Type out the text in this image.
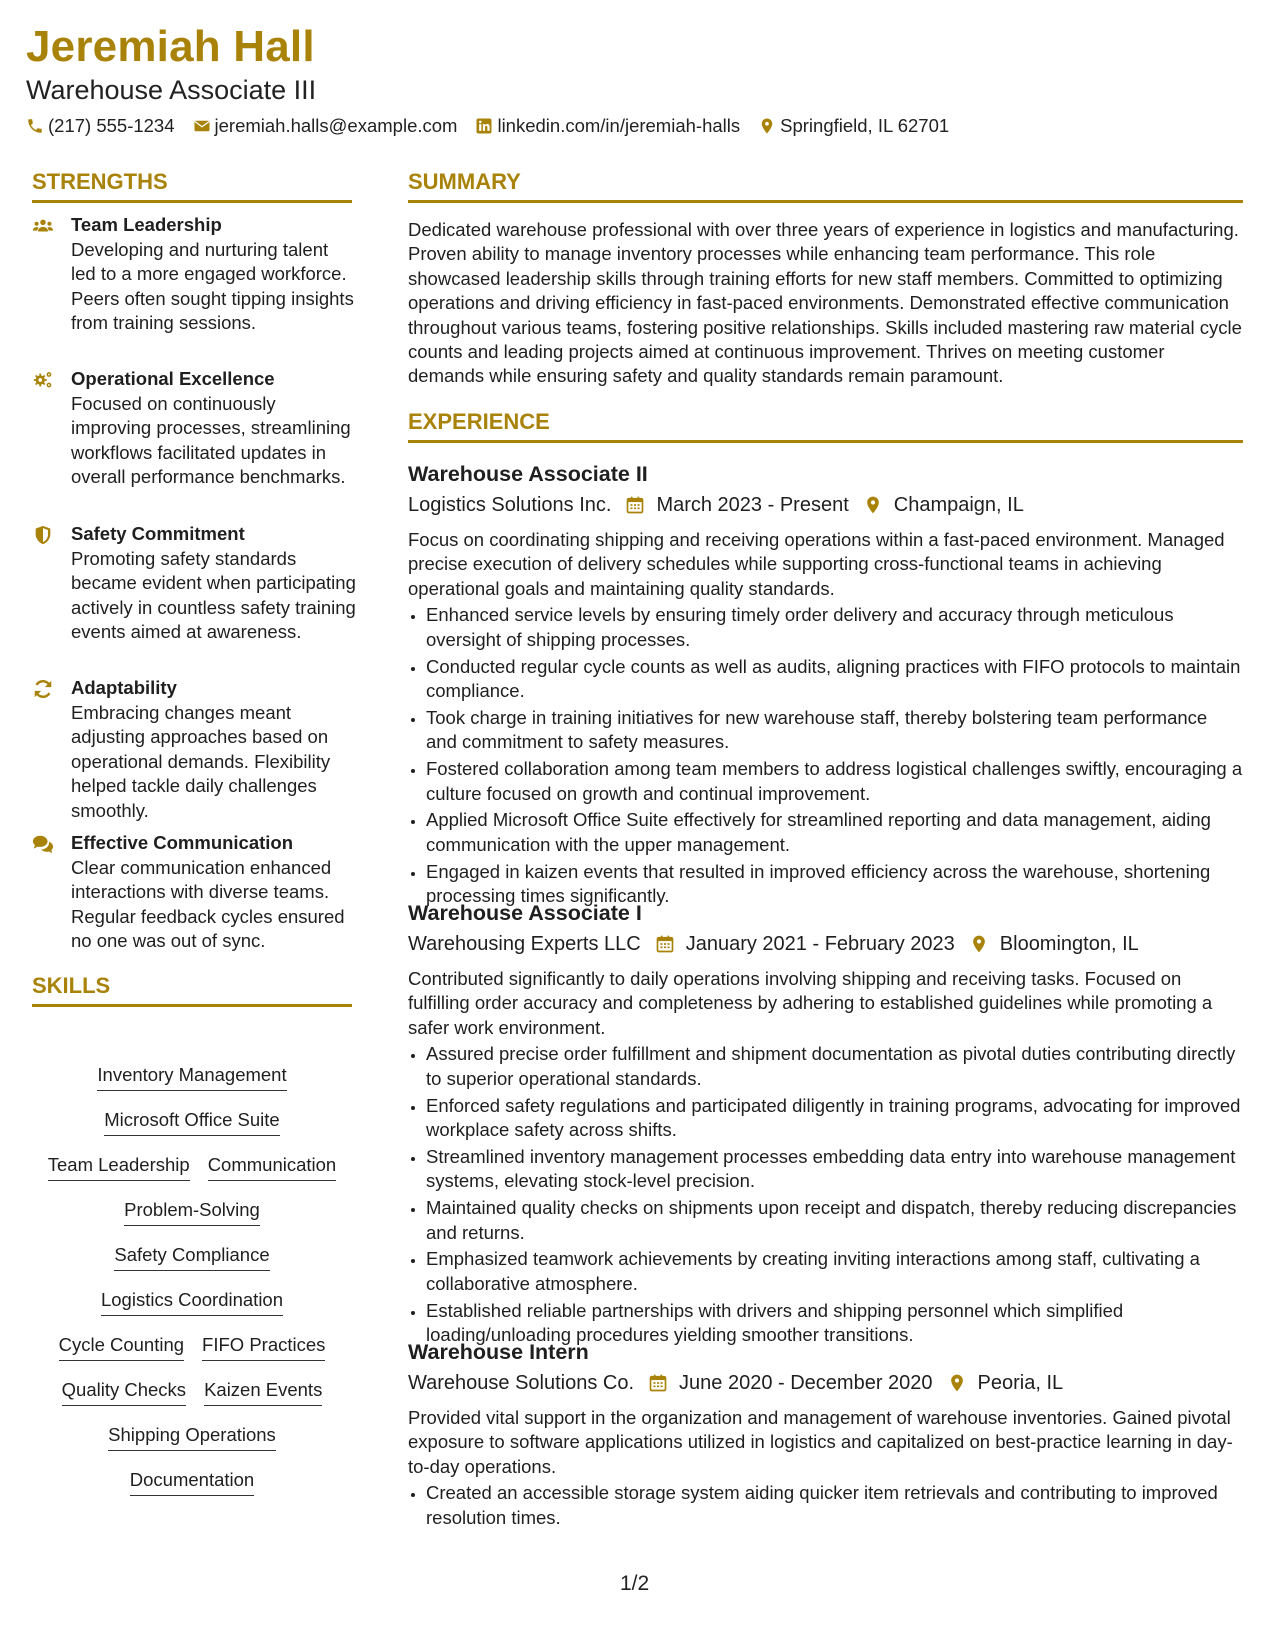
Jeremiah Hall
Warehouse Associate III
(217) 555-1234 jeremiah.halls@example.com linkedin.com/in/jeremiah-halls Springfield, IL 62701
STRENGTHS
Team Leadership
Developing and nurturing talent led to a more engaged workforce. Peers often sought tipping insights from training sessions.
Operational Excellence
Focused on continuously improving processes, streamlining workflows facilitated updates in overall performance benchmarks.
Safety Commitment
Promoting safety standards became evident when participating actively in countless safety training events aimed at awareness.
Adaptability
Embracing changes meant adjusting approaches based on operational demands. Flexibility helped tackle daily challenges smoothly.
Effective Communication
Clear communication enhanced interactions with diverse teams. Regular feedback cycles ensured no one was out of sync.
SKILLS
Inventory Management
Microsoft Office Suite
Team Leadership Communication
Problem-Solving
Safety Compliance
Logistics Coordination
Cycle Counting FIFO Practices
Quality Checks Kaizen Events
Shipping Operations
Documentation
SUMMARY
Dedicated warehouse professional with over three years of experience in logistics and manufacturing. Proven ability to manage inventory processes while enhancing team performance. This role showcased leadership skills through training efforts for new staff members. Committed to optimizing operations and driving efficiency in fast-paced environments. Demonstrated effective communication throughout various teams, fostering positive relationships. Skills included mastering raw material cycle counts and leading projects aimed at continuous improvement. Thrives on meeting customer demands while ensuring safety and quality standards remain paramount.
EXPERIENCE
Warehouse Associate II
Logistics Solutions Inc. March 2023 - Present Champaign, IL
Focus on coordinating shipping and receiving operations within a fast-paced environment. Managed precise execution of delivery schedules while supporting cross-functional teams in achieving operational goals and maintaining quality standards.
• Enhanced service levels by ensuring timely order delivery and accuracy through meticulous oversight of shipping processes.
• Conducted regular cycle counts as well as audits, aligning practices with FIFO protocols to maintain compliance.
• Took charge in training initiatives for new warehouse staff, thereby bolstering team performance and commitment to safety measures.
• Fostered collaboration among team members to address logistical challenges swiftly, encouraging a culture focused on growth and continual improvement.
• Applied Microsoft Office Suite effectively for streamlined reporting and data management, aiding communication with the upper management.
• Engaged in kaizen events that resulted in improved efficiency across the warehouse, shortening processing times significantly.
Warehouse Associate I
Warehousing Experts LLC January 2021 - February 2023 Bloomington, IL
Contributed significantly to daily operations involving shipping and receiving tasks. Focused on fulfilling order accuracy and completeness by adhering to established guidelines while promoting a safer work environment.
• Assured precise order fulfillment and shipment documentation as pivotal duties contributing directly to superior operational standards.
• Enforced safety regulations and participated diligently in training programs, advocating for improved workplace safety across shifts.
• Streamlined inventory management processes embedding data entry into warehouse management systems, elevating stock-level precision.
• Maintained quality checks on shipments upon receipt and dispatch, thereby reducing discrepancies and returns.
• Emphasized teamwork achievements by creating inviting interactions among staff, cultivating a collaborative atmosphere.
• Established reliable partnerships with drivers and shipping personnel which simplified loading/unloading procedures yielding smoother transitions.
Warehouse Intern
Warehouse Solutions Co. June 2020 - December 2020 Peoria, IL
Provided vital support in the organization and management of warehouse inventories. Gained pivotal exposure to software applications utilized in logistics and capitalized on best-practice learning in day-to-day operations.
• Created an accessible storage system aiding quicker item retrievals and contributing to improved resolution times.
1/2
